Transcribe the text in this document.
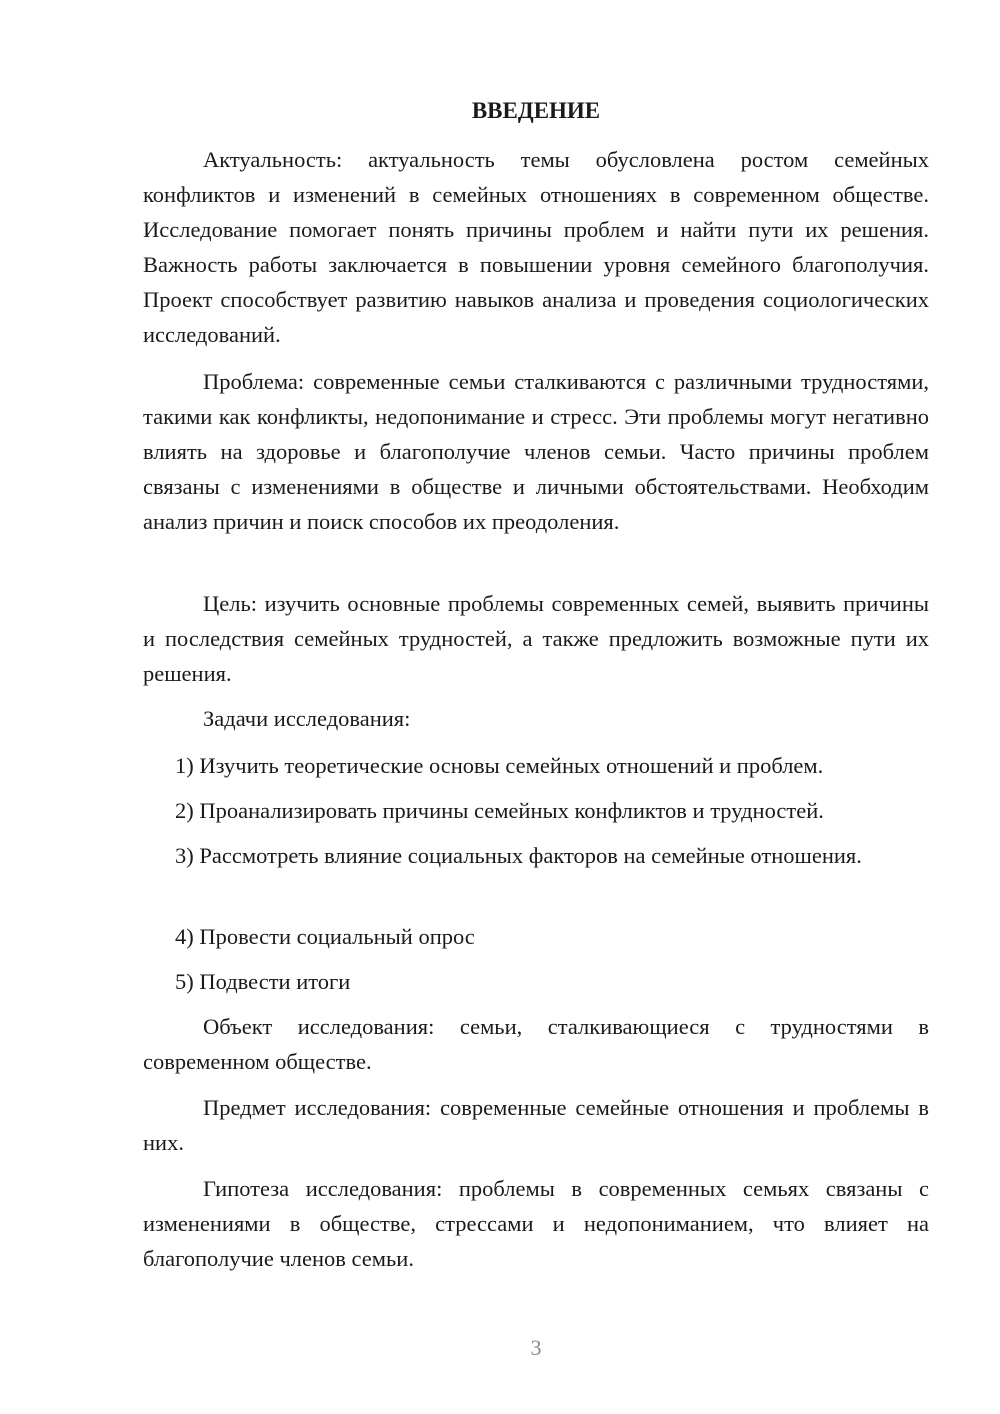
ВВЕДЕНИЕ

Актуальность: актуальность темы обусловлена ростом семейных конфликтов и изменений в семейных отношениях в современном обществе. Исследование помогает понять причины проблем и найти пути их решения. Важность работы заключается в повышении уровня семейного благополучия. Проект способствует развитию навыков анализа и проведения социологических исследований.

Проблема: современные семьи сталкиваются с различными трудностями, такими как конфликты, недопонимание и стресс. Эти проблемы могут негативно влиять на здоровье и благополучие членов семьи. Часто причины проблем связаны с изменениями в обществе и личными обстоятельствами. Необходим анализ причин и поиск способов их преодоления.

Цель: изучить основные проблемы современных семей, выявить причины и последствия семейных трудностей, а также предложить возможные пути их решения.

Задачи исследования:

1) Изучить теоретические основы семейных отношений и проблем.

2) Проанализировать причины семейных конфликтов и трудностей.

3) Рассмотреть влияние социальных факторов на семейные отношения.

4) Провести социальный опрос

5) Подвести итоги

Объект исследования: семьи, сталкивающиеся с трудностями в современном обществе.

Предмет исследования: современные семейные отношения и проблемы в них.

Гипотеза исследования: проблемы в современных семьях связаны с изменениями в обществе, стрессами и недопониманием, что влияет на благополучие членов семьи.

3
